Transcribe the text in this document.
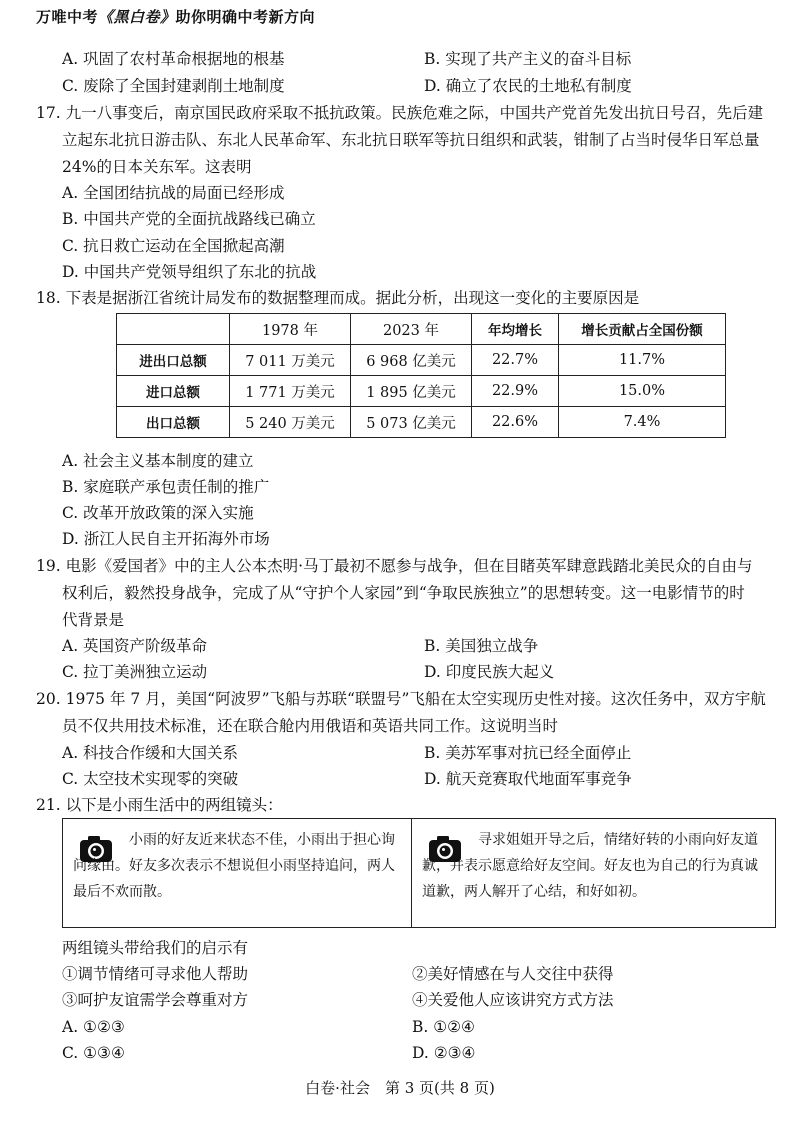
万唯中考《黑白卷》助你明确中考新方向
A. 巩固了农村革命根据地的根基	B. 实现了共产主义的奋斗目标
C. 废除了全国封建剥削土地制度	D. 确立了农民的土地私有制度
17. 九一八事变后，南京国民政府采取不抵抗政策。民族危难之际，中国共产党首先发出抗日号召，先后建
立起东北抗日游击队、东北人民革命军、东北抗日联军等抗日组织和武装，钳制了占当时侵华日军总量
24%的日本关东军。这表明
A. 全国团结抗战的局面已经形成
B. 中国共产党的全面抗战路线已确立
C. 抗日救亡运动在全国掀起高潮
D. 中国共产党领导组织了东北的抗战
18. 下表是据浙江省统计局发布的数据整理而成。据此分析，出现这一变化的主要原因是
	1978 年	2023 年	年均增长	增长贡献占全国份额
进出口总额	7 011 万美元	6 968 亿美元	22.7%	11.7%
进口总额	1 771 万美元	1 895 亿美元	22.9%	15.0%
出口总额	5 240 万美元	5 073 亿美元	22.6%	7.4%
A. 社会主义基本制度的建立
B. 家庭联产承包责任制的推广
C. 改革开放政策的深入实施
D. 浙江人民自主开拓海外市场
19. 电影《爱国者》中的主人公本杰明·马丁最初不愿参与战争，但在目睹英军肆意践踏北美民众的自由与
权利后，毅然投身战争，完成了从“守护个人家园”到“争取民族独立”的思想转变。这一电影情节的时
代背景是
A. 英国资产阶级革命	B. 美国独立战争
C. 拉丁美洲独立运动	D. 印度民族大起义
20. 1975 年 7 月，美国“阿波罗”飞船与苏联“联盟号”飞船在太空实现历史性对接。这次任务中，双方宇航
员不仅共用技术标准，还在联合舱内用俄语和英语共同工作。这说明当时
A. 科技合作缓和大国关系	B. 美苏军事对抗已经全面停止
C. 太空技术实现零的突破	D. 航天竞赛取代地面军事竞争
21. 以下是小雨生活中的两组镜头：
小雨的好友近来状态不佳，小雨出于担心询问缘由。好友多次表示不想说但小雨坚持追问，两人最后不欢而散。
寻求姐姐开导之后，情绪好转的小雨向好友道歉，并表示愿意给好友空间。好友也为自己的行为真诚道歉，两人解开了心结，和好如初。
两组镜头带给我们的启示有
①调节情绪可寻求他人帮助	②美好情感在与人交往中获得
③呵护友谊需学会尊重对方	④关爱他人应该讲究方式方法
A. ①②③	B. ①②④
C. ①③④	D. ②③④
白卷·社会　第 3 页(共 8 页)
